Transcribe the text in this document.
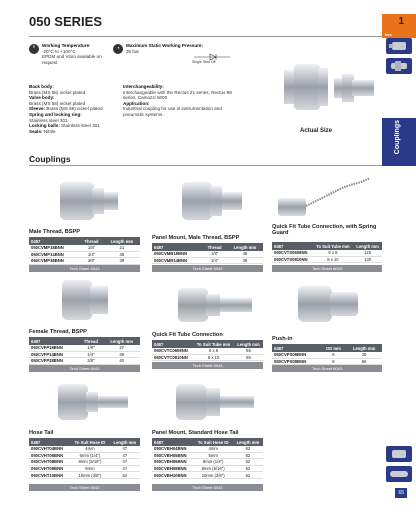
050 SERIES
kee
1
Couplings
65
°
Working Temperature:
-20°C to +100°C
EPDM and Viton available on request
◔
Maximum Static Working Pressure:
35 bar
Single Shut Off
Back body:
Brass (MS 58) nickel plated
Valve body:
Brass (MS 58) nickel plated
Sleeve: Brass (MS 58) nickel plated
Spring and locking ring:
Stainless steel 301
Locking balls: Stainless steel 301
Seals: Nitrile
Interchangeability:
Interchangeable with the Rectus 21 series, Rectus 98 series, Camozzi 5000
Application:
Industrial coupling for use in instrumentation and pneumatic systems.
Actual Size
Couplings
Male Thread, BSPP
0487	Thread	Length mm
050CVMP18BNN	1/8"	21
050CVMP14BNN	1/4"	38
050CVMP38BNN	3/8"	39
Tech Sheet 6043
Panel Mount, Male Thread, BSPP
0487	Thread	Length mm
050CVMB18BNN	1/8"	45
050CVMB14BNN	1/4"	45
Tech Sheet 6043
Quick Fit Tube Connection, with Spring Guard
0487	To Suit Tube mm	Length mm
050CVTS0608NN	6 x 8	125
050CVTS0810NN	8 x 10	130
Tech Sheet 6043
Female Thread, BSPP
0487	Thread	Length mm
050CVFP18BNN	1/8"	27
050CVFP14BNN	1/4"	38
050CVFP38BNN	3/8"	40
Tech Sheet 6043
Quick Fit Tube Connection
0487	To Suit Tube mm	Length mm
050CVTC0608NN	6 x 8	55
050CVTC0810NN	8 x 10	55
Tech Sheet 6043
Push-in
0487	OD mm	Length mm
050CVPS06BNN	6	39
050CVPS08BNN	8	56
Tech Sheet 6043
Hose Tail
0487	To Suit Hose ID	Length mm
050CVHT04BNN	4mm	47
050CVHT06BNN	6mm (1/4")	47
050CVHT08BNN	8mm (5/16")	47
050CVHT09BNN	9mm	47
050CVHT10BNN	10mm (3/8")	52
Tech Sheet 6043
Panel Mount, Standard Hose Tail
0487	To Suit Hose ID	Length mm
050CVBH04BNN	4mm	62
050CVBH05BNN	5mm	62
050CVBH06BNN	6mm (1/4")	62
050CVBH08BNN	8mm (5/16")	62
050CVBH10BNN	10mm (3/8")	62
Tech Sheet 6043
